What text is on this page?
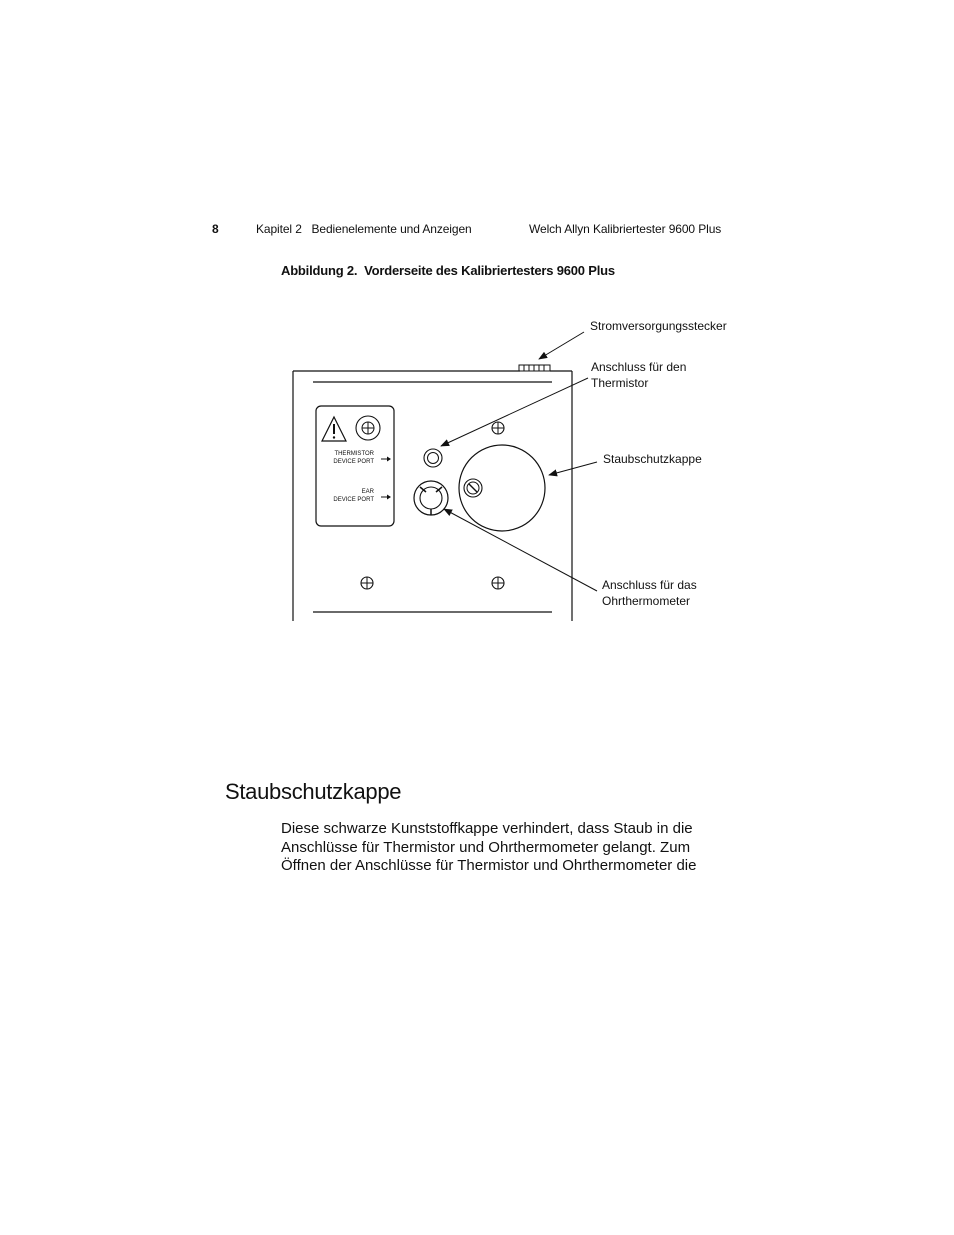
8	Kapitel 2   Bedienelemente und Anzeigen	Welch Allyn Kalibriertester 9600 Plus
Abbildung 2.  Vorderseite des Kalibriertesters 9600 Plus
THERMISTOR
DEVICE PORT
EAR
DEVICE PORT
Stromversorgungsstecker
Anschluss für den
Thermistor
Staubschutzkappe
Anschluss für das
Ohrthermometer
Staubschutzkappe
Diese schwarze Kunststoffkappe verhindert, dass Staub in die
Anschlüsse für Thermistor und Ohrthermometer gelangt. Zum
Öffnen der Anschlüsse für Thermistor und Ohrthermometer die
